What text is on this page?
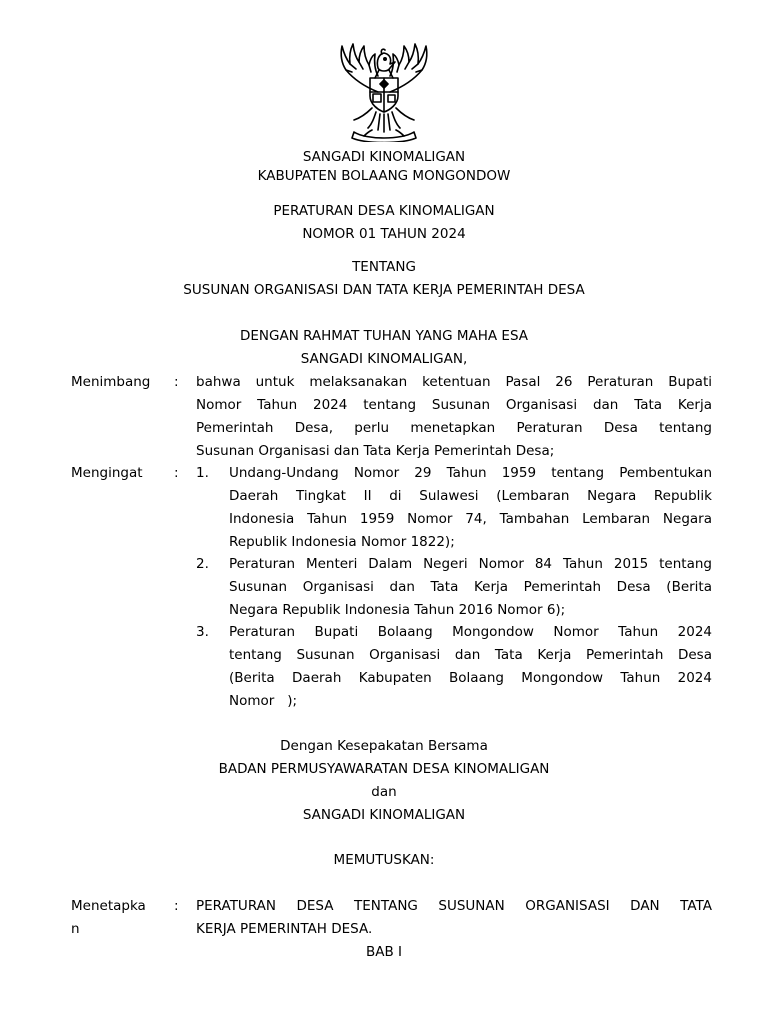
SANGADI KINOMALIGAN
KABUPATEN BOLAANG MONGONDOW
PERATURAN DESA KINOMALIGAN
NOMOR 01 TAHUN 2024
TENTANG
SUSUNAN ORGANISASI DAN TATA KERJA PEMERINTAH DESA
DENGAN RAHMAT TUHAN YANG MAHA ESA
SANGADI KINOMALIGAN,
Menimbang : bahwa untuk melaksanakan ketentuan Pasal 26 Peraturan Bupati
Nomor Tahun 2024 tentang Susunan Organisasi dan Tata Kerja
Pemerintah Desa, perlu menetapkan Peraturan Desa tentang
Susunan Organisasi dan Tata Kerja Pemerintah Desa;
Mengingat : 1. Undang-Undang Nomor 29 Tahun 1959 tentang Pembentukan
Daerah Tingkat II di Sulawesi (Lembaran Negara Republik
Indonesia Tahun 1959 Nomor 74, Tambahan Lembaran Negara
Republik Indonesia Nomor 1822);
2. Peraturan Menteri Dalam Negeri Nomor 84 Tahun 2015 tentang
Susunan Organisasi dan Tata Kerja Pemerintah Desa (Berita
Negara Republik Indonesia Tahun 2016 Nomor 6);
3. Peraturan Bupati Bolaang Mongondow Nomor Tahun 2024
tentang Susunan Organisasi dan Tata Kerja Pemerintah Desa
(Berita Daerah Kabupaten Bolaang Mongondow Tahun 2024
Nomor   );
Dengan Kesepakatan Bersama
BADAN PERMUSYAWARATAN DESA KINOMALIGAN
dan
SANGADI KINOMALIGAN
MEMUTUSKAN:
Menetapka
n
: PERATURAN DESA TENTANG SUSUNAN ORGANISASI DAN TATA
KERJA PEMERINTAH DESA.
BAB I
